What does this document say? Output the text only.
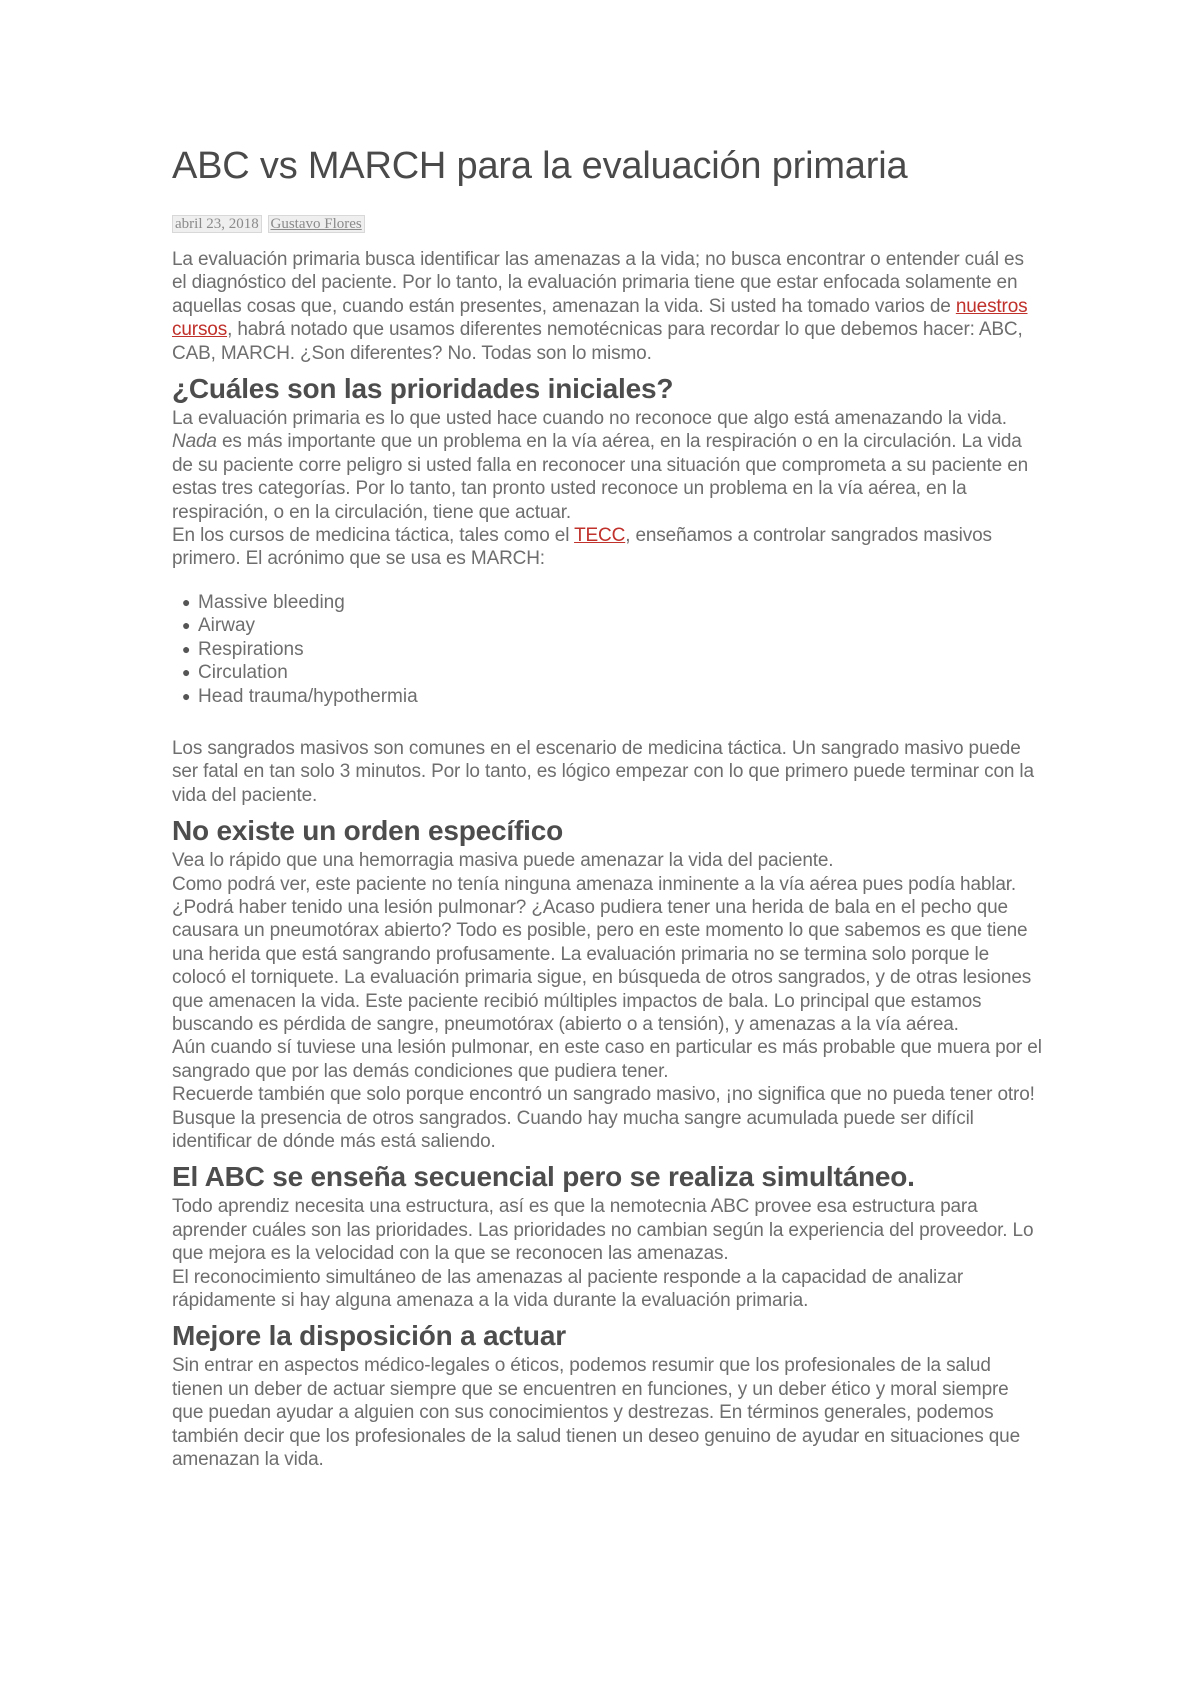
ABC vs MARCH para la evaluación primaria
abril 23, 2018 Gustavo Flores

La evaluación primaria busca identificar las amenazas a la vida; no busca encontrar o entender cuál es el diagnóstico del paciente. Por lo tanto, la evaluación primaria tiene que estar enfocada solamente en aquellas cosas que, cuando están presentes, amenazan la vida. Si usted ha tomado varios de nuestros cursos, habrá notado que usamos diferentes nemotécnicas para recordar lo que debemos hacer: ABC, CAB, MARCH. ¿Son diferentes? No. Todas son lo mismo.

¿Cuáles son las prioridades iniciales?

La evaluación primaria es lo que usted hace cuando no reconoce que algo está amenazando la vida. Nada es más importante que un problema en la vía aérea, en la respiración o en la circulación. La vida de su paciente corre peligro si usted falla en reconocer una situación que comprometa a su paciente en estas tres categorías. Por lo tanto, tan pronto usted reconoce un problema en la vía aérea, en la respiración, o en la circulación, tiene que actuar.

En los cursos de medicina táctica, tales como el TECC, enseñamos a controlar sangrados masivos primero. El acrónimo que se usa es MARCH:

● Massive bleeding
● Airway
● Respirations
● Circulation
● Head trauma/hypothermia

Los sangrados masivos son comunes en el escenario de medicina táctica. Un sangrado masivo puede ser fatal en tan solo 3 minutos. Por lo tanto, es lógico empezar con lo que primero puede terminar con la vida del paciente.

No existe un orden específico

Vea lo rápido que una hemorragia masiva puede amenazar la vida del paciente.

Como podrá ver, este paciente no tenía ninguna amenaza inminente a la vía aérea pues podía hablar. ¿Podrá haber tenido una lesión pulmonar? ¿Acaso pudiera tener una herida de bala en el pecho que causara un pneumotórax abierto? Todo es posible, pero en este momento lo que sabemos es que tiene una herida que está sangrando profusamente. La evaluación primaria no se termina solo porque le colocó el torniquete. La evaluación primaria sigue, en búsqueda de otros sangrados, y de otras lesiones que amenacen la vida. Este paciente recibió múltiples impactos de bala. Lo principal que estamos buscando es pérdida de sangre, pneumotórax (abierto o a tensión), y amenazas a la vía aérea.

Aún cuando sí tuviese una lesión pulmonar, en este caso en particular es más probable que muera por el sangrado que por las demás condiciones que pudiera tener.

Recuerde también que solo porque encontró un sangrado masivo, ¡no significa que no pueda tener otro! Busque la presencia de otros sangrados. Cuando hay mucha sangre acumulada puede ser difícil identificar de dónde más está saliendo.

El ABC se enseña secuencial pero se realiza simultáneo.

Todo aprendiz necesita una estructura, así es que la nemotecnia ABC provee esa estructura para aprender cuáles son las prioridades. Las prioridades no cambian según la experiencia del proveedor. Lo que mejora es la velocidad con la que se reconocen las amenazas.

El reconocimiento simultáneo de las amenazas al paciente responde a la capacidad de analizar rápidamente si hay alguna amenaza a la vida durante la evaluación primaria.

Mejore la disposición a actuar

Sin entrar en aspectos médico-legales o éticos, podemos resumir que los profesionales de la salud tienen un deber de actuar siempre que se encuentren en funciones, y un deber ético y moral siempre que puedan ayudar a alguien con sus conocimientos y destrezas. En términos generales, podemos también decir que los profesionales de la salud tienen un deseo genuino de ayudar en situaciones que amenazan la vida.
